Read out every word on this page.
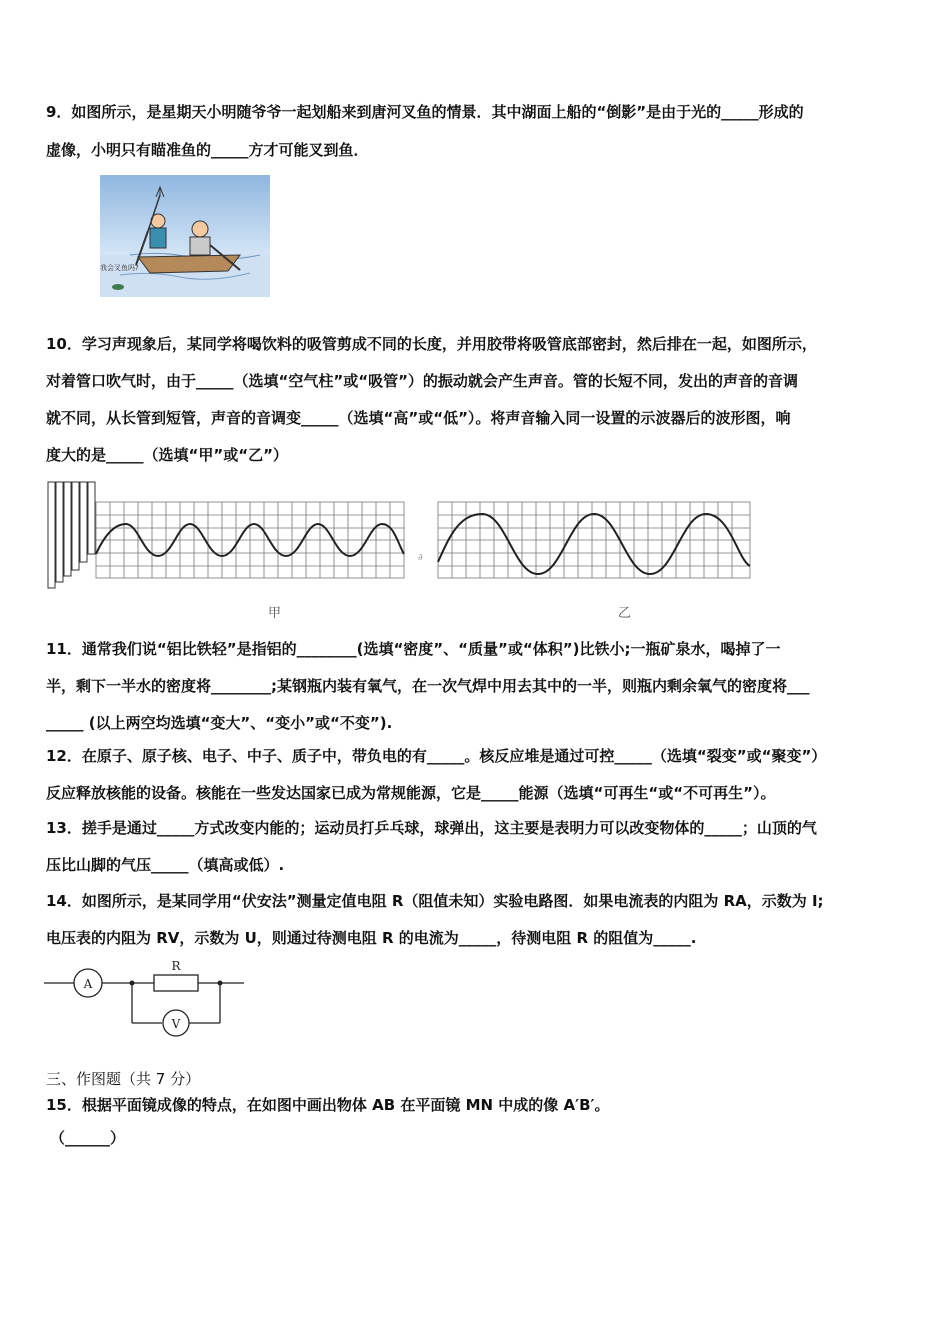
9．如图所示，是星期天小明随爷爷一起划船来到唐河叉鱼的情景．其中湖面上船的“倒影”是由于光的_____形成的
虚像，小明只有瞄准鱼的_____方才可能叉到鱼．
我会叉鱼吗?
10．学习声现象后，某同学将喝饮料的吸管剪成不同的长度，并用胶带将吸管底部密封，然后排在一起，如图所示，
对着管口吹气时，由于_____（选填“空气柱”或“吸管”）的振动就会产生声音。管的长短不同，发出的声音的音调
就不同，从长管到短管，声音的音调变_____（选填“高”或“低”）。将声音输入同一设置的示波器后的波形图，响
度大的是_____（选填“甲”或“乙”）
∂
甲	乙
11．通常我们说“铝比铁轻”是指铝的________(选填“密度”、“质量”或“体积”)比铁小;一瓶矿泉水，喝掉了一
半，剩下一半水的密度将________;某钢瓶内装有氧气，在一次气焊中用去其中的一半，则瓶内剩余氧气的密度将___
_____ (以上两空均选填“变大”、“变小”或“不变”).
12．在原子、原子核、电子、中子、质子中，带负电的有_____。核反应堆是通过可控_____（选填“裂变”或“聚变”）
反应释放核能的设备。核能在一些发达国家已成为常规能源，它是_____能源（选填“可再生“或“不可再生”）。
13．搓手是通过_____方式改变内能的；运动员打乒乓球，球弹出，这主要是表明力可以改变物体的_____；山顶的气
压比山脚的气压_____（填高或低）.
14．如图所示，是某同学用“伏安法”测量定值电阻 R（阻值未知）实验电路图．如果电流表的内阻为 RA，示数为 I;
电压表的内阻为 RV，示数为 U，则通过待测电阻 R 的电流为_____，待测电阻 R 的阻值为_____.
A
R
V
三、作图题（共 7 分）
15．根据平面镜成像的特点，在如图中画出物体 AB 在平面镜 MN 中成的像 A′B′。
（______）
